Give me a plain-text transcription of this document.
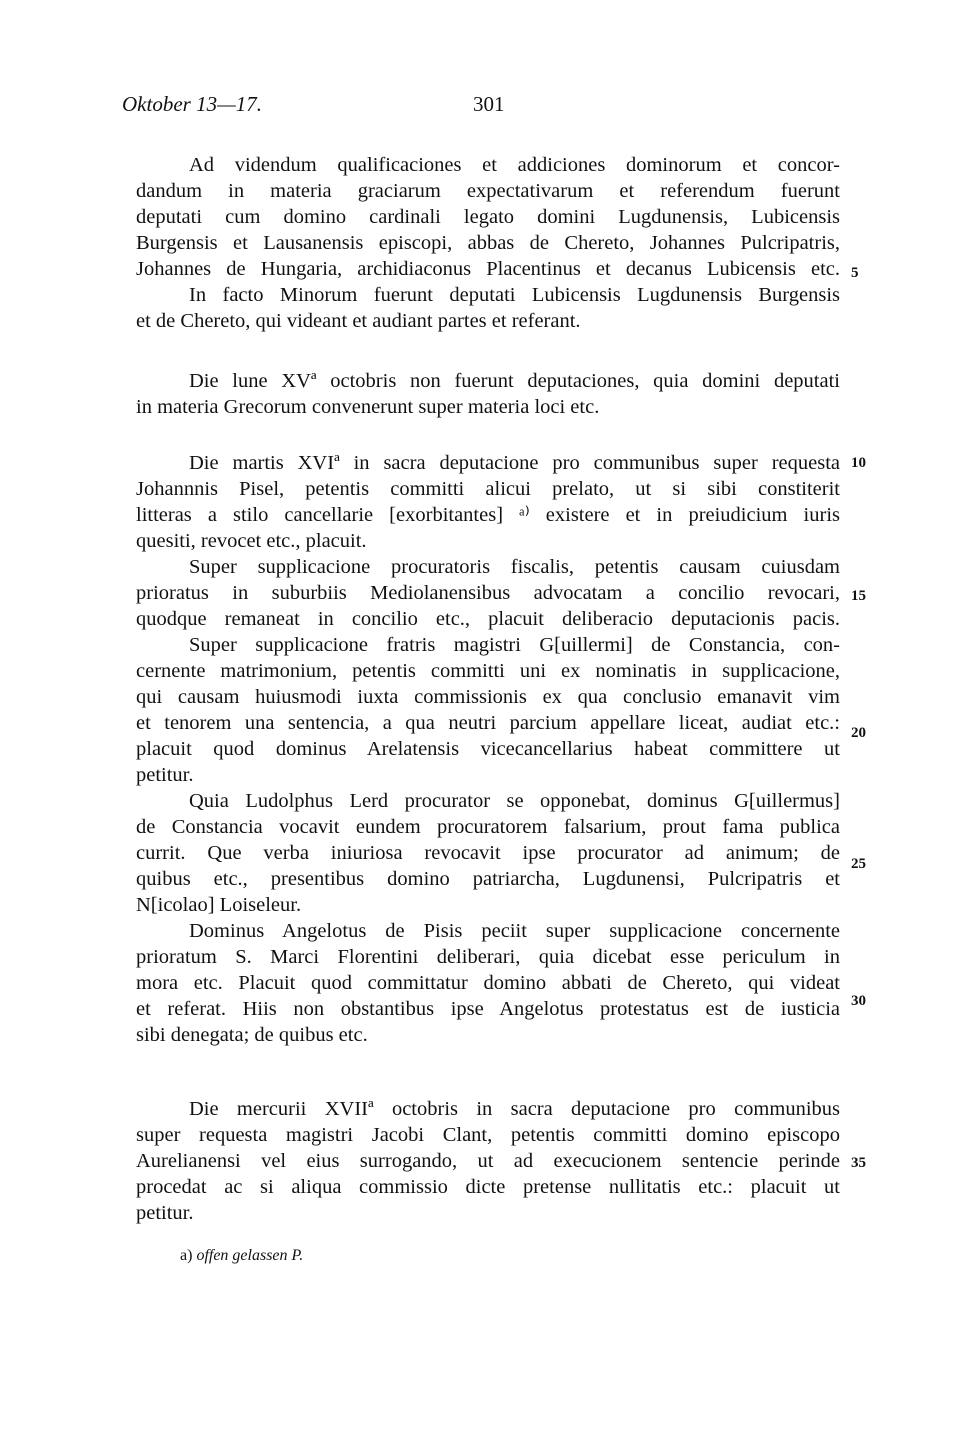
Oktober 13—17.	301
Ad videndum qualificaciones et addiciones dominorum et concor-
dandum in materia graciarum expectativarum et referendum fuerunt
deputati cum domino cardinali legato domini Lugdunensis, Lubicensis
Burgensis et Lausanensis episcopi, abbas de Chereto, Johannes Pulcripatris,
Johannes de Hungaria, archidiaconus Placentinus et decanus Lubicensis etc.
In facto Minorum fuerunt deputati Lubicensis Lugdunensis Burgensis
et de Chereto, qui videant et audiant partes et referant.
Die lune XVª octobris non fuerunt deputaciones, quia domini deputati
in materia Grecorum convenerunt super materia loci etc.
Die martis XVIª in sacra deputacione pro communibus super requesta
Johannnis Pisel, petentis committi alicui prelato, ut si sibi constiterit
litteras a stilo cancellarie [exorbitantes] ᵃ⁾ existere et in preiudicium iuris
quesiti, revocet etc., placuit.
Super supplicacione procuratoris fiscalis, petentis causam cuiusdam
prioratus in suburbiis Mediolanensibus advocatam a concilio revocari,
quodque remaneat in concilio etc., placuit deliberacio deputacionis pacis.
Super supplicacione fratris magistri G[uillermi] de Constancia, con-
cernente matrimonium, petentis committi uni ex nominatis in supplicacione,
qui causam huiusmodi iuxta commissionis ex qua conclusio emanavit vim
et tenorem una sentencia, a qua neutri parcium appellare liceat, audiat etc.:
placuit quod dominus Arelatensis vicecancellarius habeat committere ut
petitur.
Quia Ludolphus Lerd procurator se opponebat, dominus G[uillermus]
de Constancia vocavit eundem procuratorem falsarium, prout fama publica
currit. Que verba iniuriosa revocavit ipse procurator ad animum; de
quibus etc., presentibus domino patriarcha, Lugdunensi, Pulcripatris et
N[icolao] Loiseleur.
Dominus Angelotus de Pisis peciit super supplicacione concernente
prioratum S. Marci Florentini deliberari, quia dicebat esse periculum in
mora etc. Placuit quod committatur domino abbati de Chereto, qui videat
et referat. Hiis non obstantibus ipse Angelotus protestatus est de iusticia
sibi denegata; de quibus etc.
Die mercurii XVIIª octobris in sacra deputacione pro communibus
super requesta magistri Jacobi Clant, petentis committi domino episcopo
Aurelianensi vel eius surrogando, ut ad execucionem sentencie perinde
procedat ac si aliqua commissio dicte pretense nullitatis etc.: placuit ut
petitur.
5
10
15
20
25
30
35
a) offen gelassen P.
